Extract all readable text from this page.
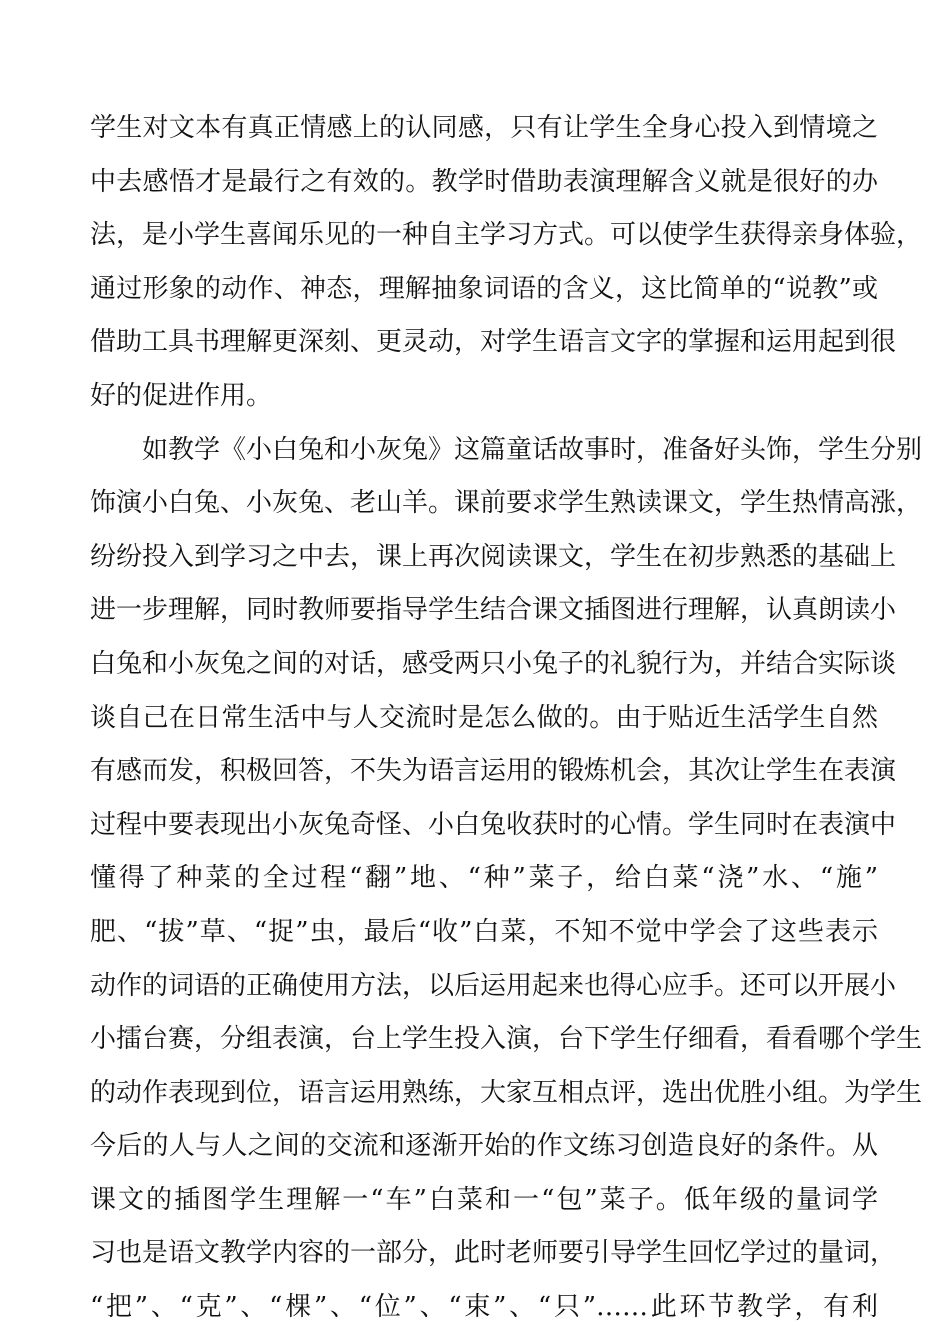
学生对文本有真正情感上的认同感，只有让学生全身心投入到情境之
中去感悟才是最行之有效的。教学时借助表演理解含义就是很好的办
法，是小学生喜闻乐见的一种自主学习方式。可以使学生获得亲身体验，
通过形象的动作、神态，理解抽象词语的含义，这比简单的“说教”或
借助工具书理解更深刻、更灵动，对学生语言文字的掌握和运用起到很
好的促进作用。
如教学《小白兔和小灰兔》这篇童话故事时，准备好头饰，学生分别
饰演小白兔、小灰兔、老山羊。课前要求学生熟读课文，学生热情高涨，
纷纷投入到学习之中去，课上再次阅读课文，学生在初步熟悉的基础上
进一步理解，同时教师要指导学生结合课文插图进行理解，认真朗读小
白兔和小灰兔之间的对话，感受两只小兔子的礼貌行为，并结合实际谈
谈自己在日常生活中与人交流时是怎么做的。由于贴近生活学生自然
有感而发，积极回答，不失为语言运用的锻炼机会，其次让学生在表演
过程中要表现出小灰兔奇怪、小白兔收获时的心情。学生同时在表演中
懂得了种菜的全过程“翻”地、“种”菜子，给白菜“浇”水、“施”
肥、“拔”草、“捉”虫，最后“收”白菜，不知不觉中学会了这些表示
动作的词语的正确使用方法，以后运用起来也得心应手。还可以开展小
小擂台赛，分组表演，台上学生投入演，台下学生仔细看，看看哪个学生
的动作表现到位，语言运用熟练，大家互相点评，选出优胜小组。为学生
今后的人与人之间的交流和逐渐开始的作文练习创造良好的条件。从
课文的插图学生理解一“车”白菜和一“包”菜子。低年级的量词学
习也是语文教学内容的一部分，此时老师要引导学生回忆学过的量词，
“把”、“克”、“棵”、“位”、“束”、“只”……此环节教学，有利
